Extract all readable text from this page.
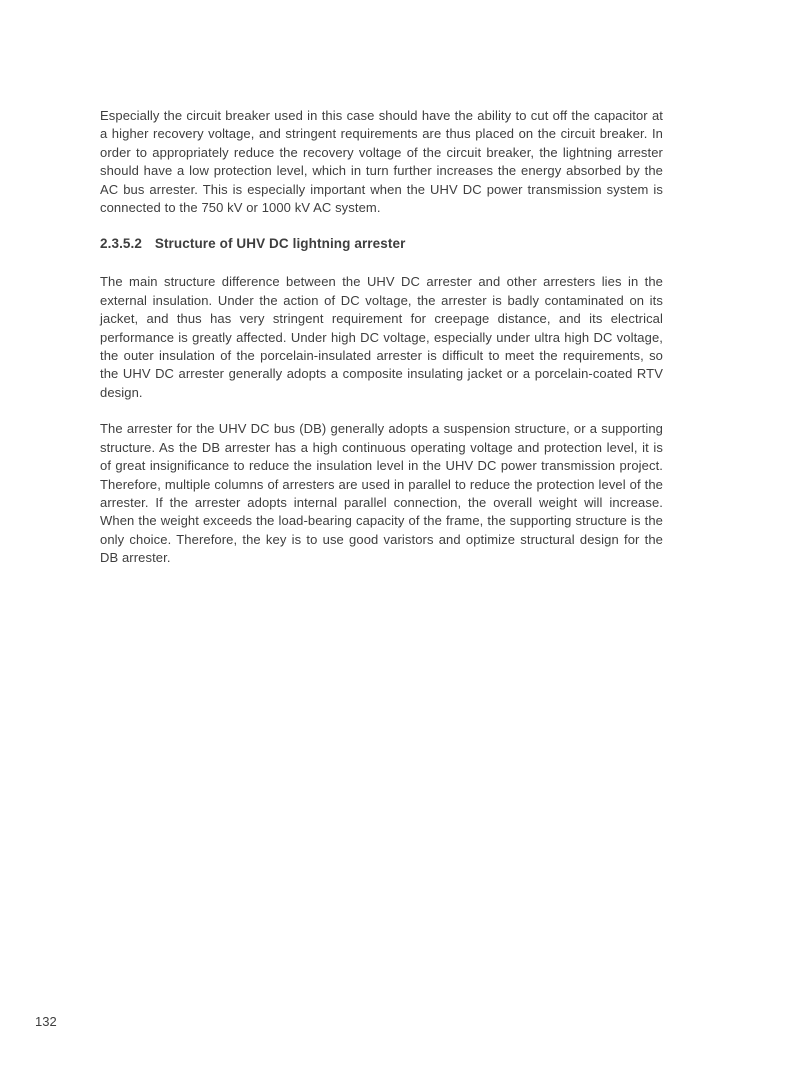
Especially the circuit breaker used in this case should have the ability to cut off the capacitor at a higher recovery voltage, and stringent requirements are thus placed on the circuit breaker. In order to appropriately reduce the recovery voltage of the circuit breaker, the lightning arrester should have a low protection level, which in turn further increases the energy absorbed by the AC bus arrester. This is especially important when the UHV DC power transmission system is connected to the 750 kV or 1000 kV AC system.

2.3.5.2 Structure of UHV DC lightning arrester

The main structure difference between the UHV DC arrester and other arresters lies in the external insulation. Under the action of DC voltage, the arrester is badly contaminated on its jacket, and thus has very stringent requirement for creepage distance, and its electrical performance is greatly affected. Under high DC voltage, especially under ultra high DC voltage, the outer insulation of the porcelain-insulated arrester is difficult to meet the requirements, so the UHV DC arrester generally adopts a composite insulating jacket or a porcelain-coated RTV design.

The arrester for the UHV DC bus (DB) generally adopts a suspension structure, or a supporting structure. As the DB arrester has a high continuous operating voltage and protection level, it is of great insignificance to reduce the insulation level in the UHV DC power transmission project. Therefore, multiple columns of arresters are used in parallel to reduce the protection level of the arrester. If the arrester adopts internal parallel connection, the overall weight will increase. When the weight exceeds the load-bearing capacity of the frame, the supporting structure is the only choice. Therefore, the key is to use good varistors and optimize structural design for the DB arrester.

132
